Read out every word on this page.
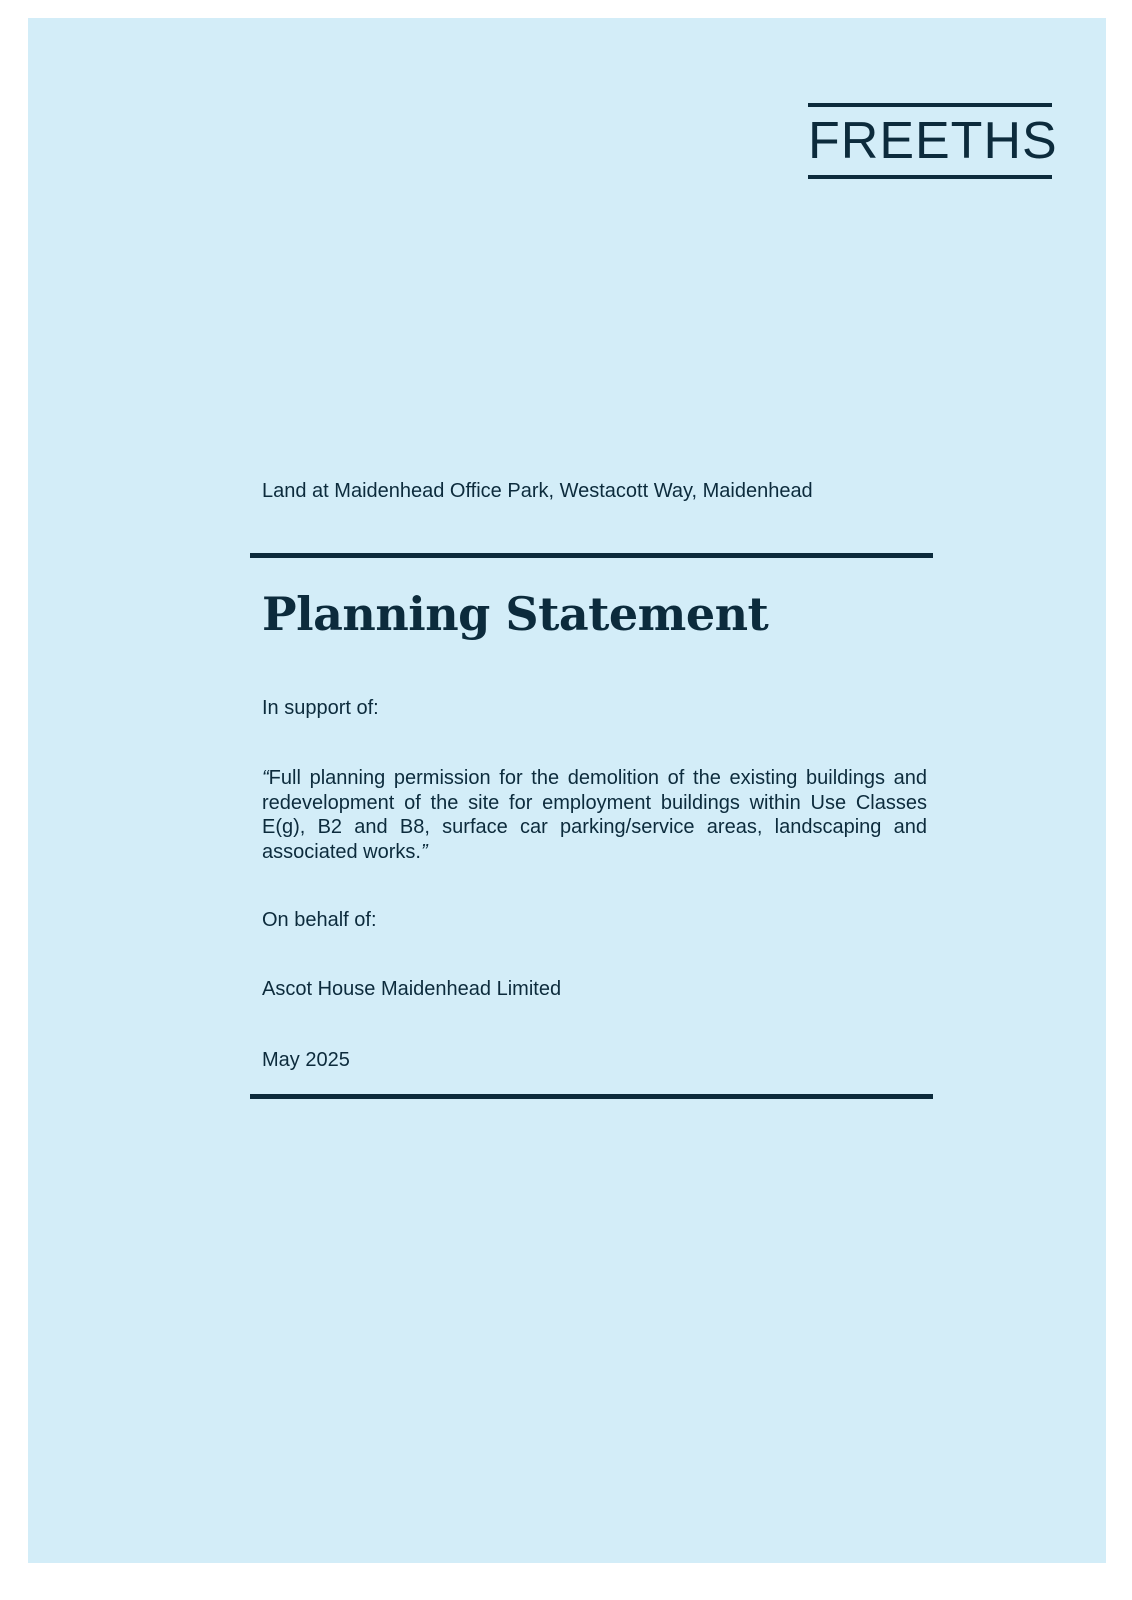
FREETHS
Land at Maidenhead Office Park, Westacott Way, Maidenhead
Planning Statement
In support of:

“Full planning permission for the demolition of the existing buildings and redevelopment of the site for employment buildings within Use Classes E(g), B2 and B8, surface car parking/service areas, landscaping and associated works.”

On behalf of:
Ascot House Maidenhead Limited
May 2025
